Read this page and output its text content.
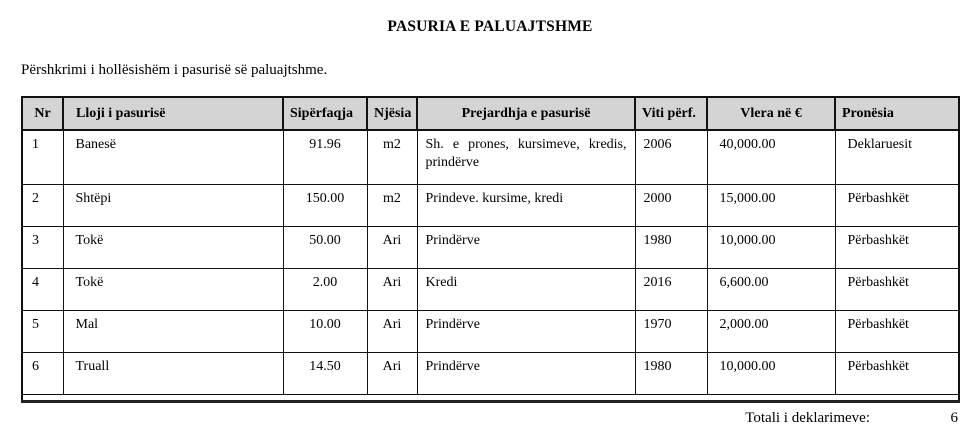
PASURIA E PALUAJTSHME
Përshkrimi i hollësishëm i pasurisë së paluajtshme.
Nr	Lloji i pasurisë	Sipërfaqja	Njësia	Prejardhja e pasurisë	Viti përf.	Vlera në €	Pronësia
1	Banesë	91.96	m2	Sh. e prones, kursimeve, kredis, prindërve	2006	40,000.00	Deklaruesit
2	Shtëpi	150.00	m2	Prindeve. kursime, kredi	2000	15,000.00	Përbashkët
3	Tokë	50.00	Ari	Prindërve	1980	10,000.00	Përbashkët
4	Tokë	2.00	Ari	Kredi	2016	6,600.00	Përbashkët
5	Mal	10.00	Ari	Prindërve	1970	2,000.00	Përbashkët
6	Truall	14.50	Ari	Prindërve	1980	10,000.00	Përbashkët

Totali i deklarimeve:	6
